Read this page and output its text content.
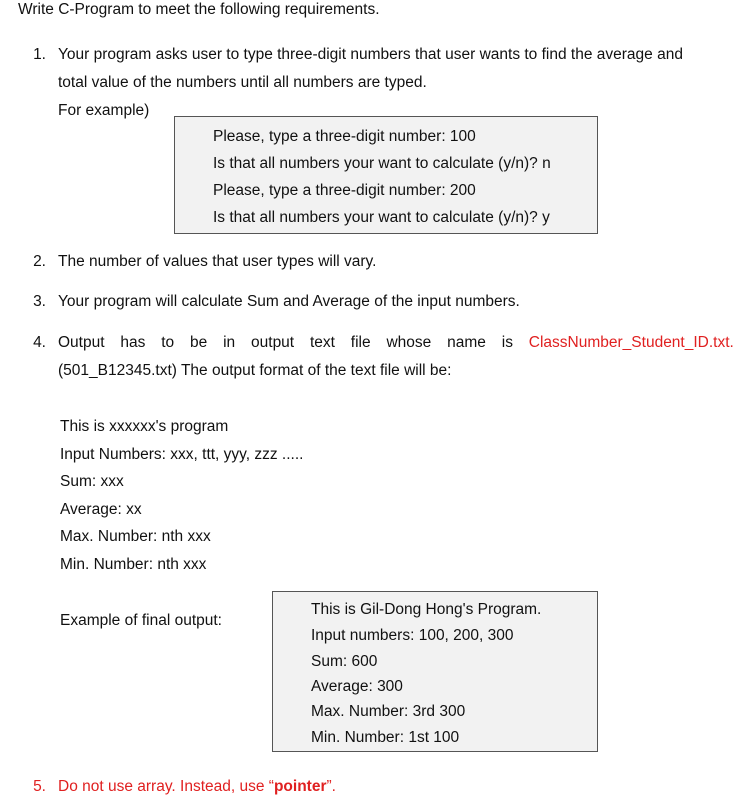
Write C-Program to meet the following requirements.
1. Your program asks user to type three-digit numbers that user wants to find the average and
total value of the numbers until all numbers are typed.
For example)
Please, type a three-digit number: 100
Is that all numbers your want to calculate (y/n)? n
Please, type a three-digit number: 200
Is that all numbers your want to calculate (y/n)? y
2. The number of values that user types will vary.
3. Your program will calculate Sum and Average of the input numbers.
4. Output has to be in output text file whose name is ClassNumber_Student_ID.txt.
(501_B12345.txt) The output format of the text file will be:
This is xxxxxx's program
Input Numbers: xxx, ttt, yyy, zzz .....
Sum: xxx
Average: xx
Max. Number: nth xxx
Min. Number: nth xxx
Example of final output:
This is Gil-Dong Hong's Program.
Input numbers: 100, 200, 300
Sum: 600
Average: 300
Max. Number: 3rd 300
Min. Number: 1st 100
5. Do not use array. Instead, use “pointer”.
